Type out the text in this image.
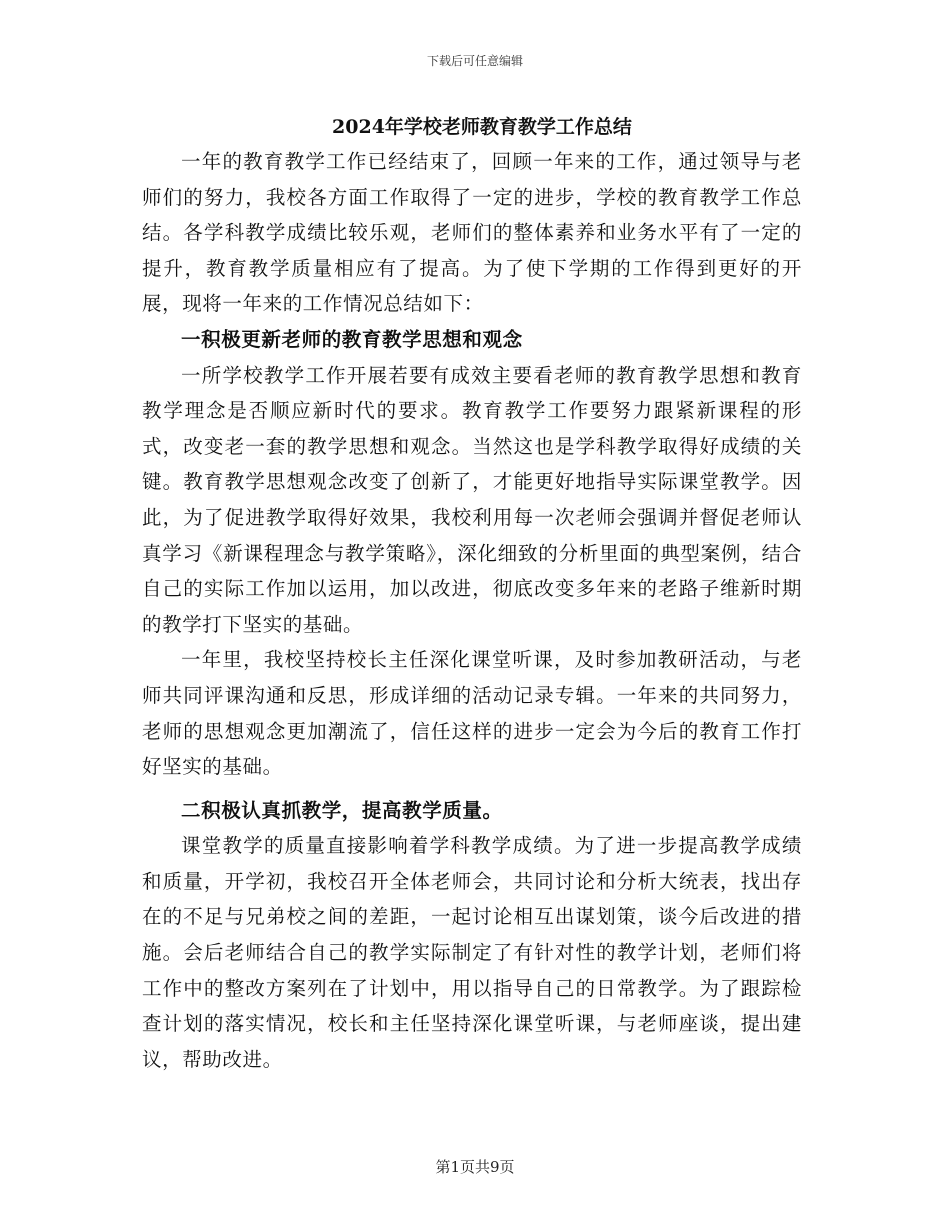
下载后可任意编辑
2024年学校老师教育教学工作总结

一年的教育教学工作已经结束了，回顾一年来的工作，通过领导与老师们的努力，我校各方面工作取得了一定的进步，学校的教育教学工作总结。各学科教学成绩比较乐观，老师们的整体素养和业务水平有了一定的提升，教育教学质量相应有了提高。为了使下学期的工作得到更好的开展，现将一年来的工作情况总结如下：

一积极更新老师的教育教学思想和观念

一所学校教学工作开展若要有成效主要看老师的教育教学思想和教育教学理念是否顺应新时代的要求。教育教学工作要努力跟紧新课程的形式，改变老一套的教学思想和观念。当然这也是学科教学取得好成绩的关键。教育教学思想观念改变了创新了，才能更好地指导实际课堂教学。因此，为了促进教学取得好效果，我校利用每一次老师会强调并督促老师认真学习《新课程理念与教学策略》，深化细致的分析里面的典型案例，结合自己的实际工作加以运用，加以改进，彻底改变多年来的老路子维新时期的教学打下坚实的基础。

一年里，我校坚持校长主任深化课堂听课，及时参加教研活动，与老师共同评课沟通和反思，形成详细的活动记录专辑。一年来的共同努力，老师的思想观念更加潮流了，信任这样的进步一定会为今后的教育工作打好坚实的基础。

二积极认真抓教学，提高教学质量。

课堂教学的质量直接影响着学科教学成绩。为了进一步提高教学成绩和质量，开学初，我校召开全体老师会，共同讨论和分析大统表，找出存在的不足与兄弟校之间的差距，一起讨论相互出谋划策，谈今后改进的措施。会后老师结合自己的教学实际制定了有针对性的教学计划，老师们将工作中的整改方案列在了计划中，用以指导自己的日常教学。为了跟踪检查计划的落实情况，校长和主任坚持深化课堂听课，与老师座谈，提出建议，帮助改进。

第1页共9页
